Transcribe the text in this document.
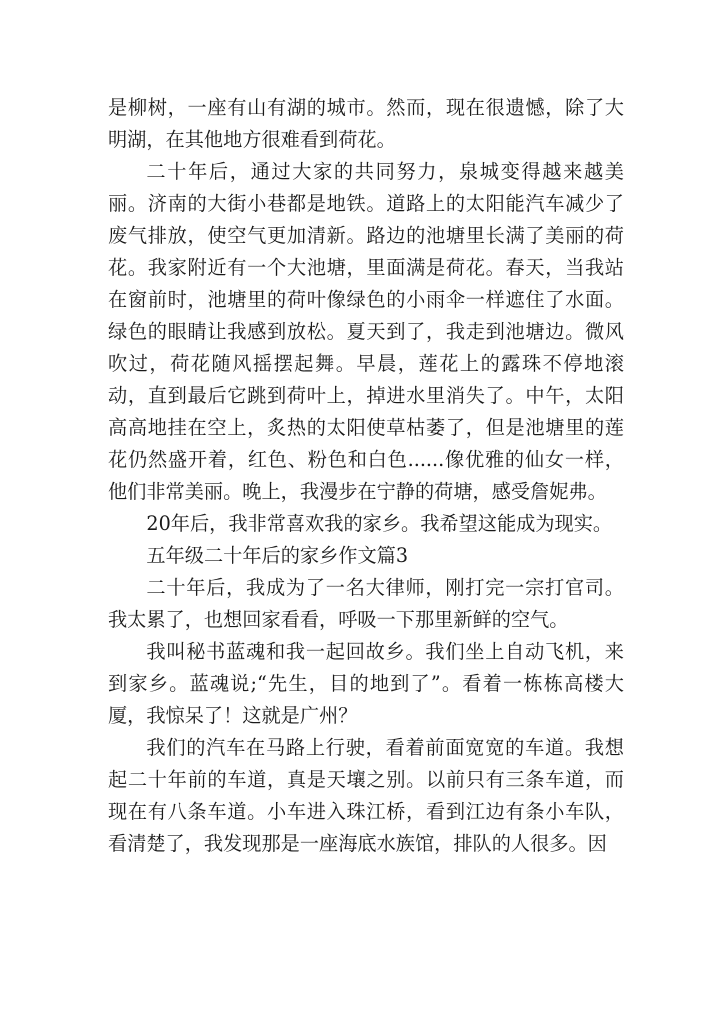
是柳树，一座有山有湖的城市。然而，现在很遗憾，除了大明湖，在其他地方很难看到荷花。

二十年后，通过大家的共同努力，泉城变得越来越美丽。济南的大街小巷都是地铁。道路上的太阳能汽车减少了废气排放，使空气更加清新。路边的池塘里长满了美丽的荷花。我家附近有一个大池塘，里面满是荷花。春天，当我站在窗前时，池塘里的荷叶像绿色的小雨伞一样遮住了水面。绿色的眼睛让我感到放松。夏天到了，我走到池塘边。微风吹过，荷花随风摇摆起舞。早晨，莲花上的露珠不停地滚动，直到最后它跳到荷叶上，掉进水里消失了。中午，太阳高高地挂在空上，炙热的太阳使草枯萎了，但是池塘里的莲花仍然盛开着，红色、粉色和白色......像优雅的仙女一样，他们非常美丽。晚上，我漫步在宁静的荷塘，感受詹妮弗。

20年后，我非常喜欢我的家乡。我希望这能成为现实。

五年级二十年后的家乡作文篇3

二十年后，我成为了一名大律师，刚打完一宗打官司。我太累了，也想回家看看，呼吸一下那里新鲜的空气。

我叫秘书蓝魂和我一起回故乡。我们坐上自动飞机，来到家乡。蓝魂说;“先生，目的地到了”。看着一栋栋高楼大厦，我惊呆了！这就是广州？

我们的汽车在马路上行驶，看着前面宽宽的车道。我想起二十年前的车道，真是天壤之别。以前只有三条车道，而现在有八条车道。小车进入珠江桥，看到江边有条小车队，看清楚了，我发现那是一座海底水族馆，排队的人很多。因
